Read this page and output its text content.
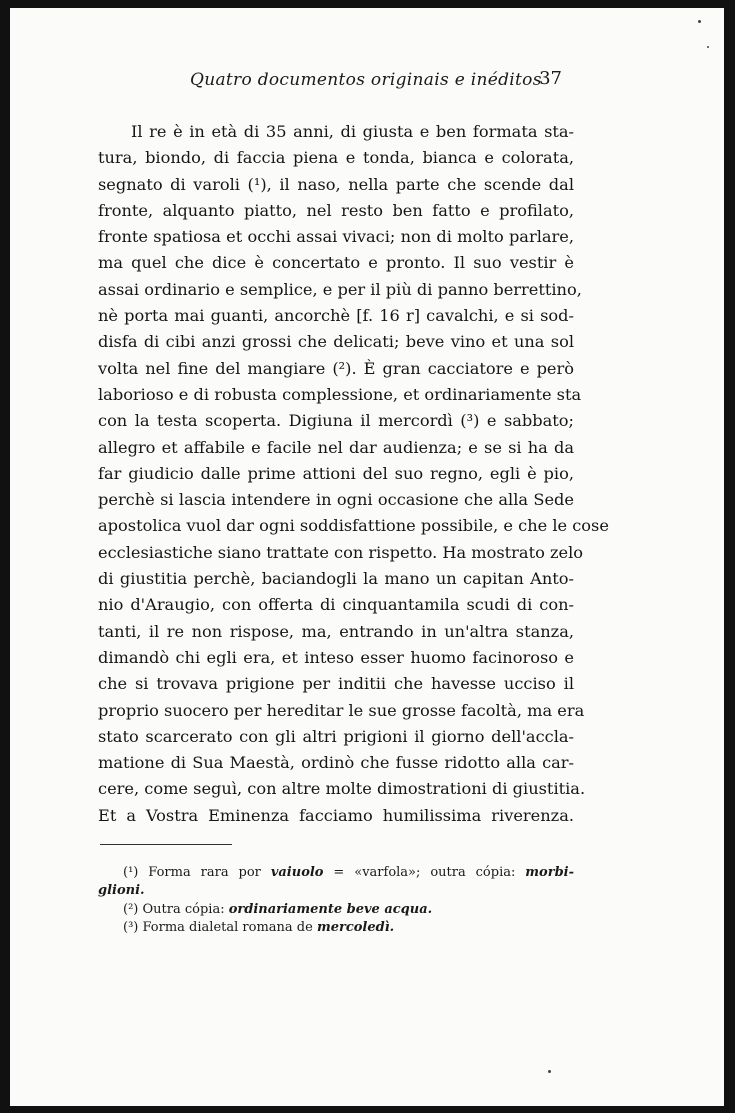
Quatro documentos originais e inéditos
37
Il re è in età di 35 anni, di giusta e ben formata sta-
tura, biondo, di faccia piena e tonda, bianca e colorata,
segnato di varoli (¹), il naso, nella parte che scende dal
fronte, alquanto piatto, nel resto ben fatto e profilato,
fronte spatiosa et occhi assai vivaci; non di molto parlare,
ma quel che dice è concertato e pronto. Il suo vestir è
assai ordinario e semplice, e per il più di panno berrettino,
nè porta mai guanti, ancorchè [f. 16 r] cavalchi, e si sod-
disfa di cibi anzi grossi che delicati; beve vino et una sol
volta nel fine del mangiare (²). È gran cacciatore e però
laborioso e di robusta complessione, et ordinariamente sta
con la testa scoperta. Digiuna il mercordì (³) e sabbato;
allegro et affabile e facile nel dar audienza; e se si ha da
far giudicio dalle prime attioni del suo regno, egli è pio,
perchè si lascia intendere in ogni occasione che alla Sede
apostolica vuol dar ogni soddisfattione possibile, e che le cose
ecclesiastiche siano trattate con rispetto. Ha mostrato zelo
di giustitia perchè, baciandogli la mano un capitan Anto-
nio d'Araugio, con offerta di cinquantamila scudi di con-
tanti, il re non rispose, ma, entrando in un'altra stanza,
dimandò chi egli era, et inteso esser huomo facinoroso e
che si trovava prigione per inditii che havesse ucciso il
proprio suocero per hereditar le sue grosse facoltà, ma era
stato scarcerato con gli altri prigioni il giorno dell'accla-
matione di Sua Maestà, ordinò che fusse ridotto alla car-
cere, come seguì, con altre molte dimostrationi di giustitia.
Et a Vostra Eminenza facciamo humilissima riverenza.
(¹) Forma rara por vaiuolo = «varfola»; outra cópia: morbi-
glioni.
(²) Outra cópia: ordinariamente beve acqua.
(³) Forma dialetal romana de mercoledì.
